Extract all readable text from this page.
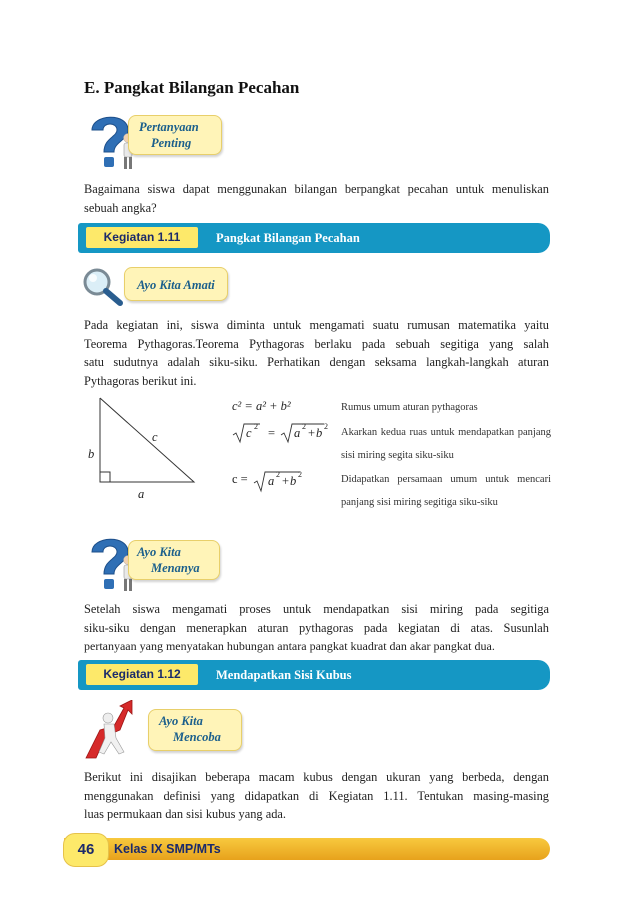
E. Pangkat Bilangan Pecahan
Pertanyaan
Penting
Bagaimana siswa dapat menggunakan bilangan berpangkat pecahan untuk menuliskan
sebuah angka?
Kegiatan 1.11	Pangkat Bilangan Pecahan
Ayo Kita Amati
Pada kegiatan ini, siswa diminta untuk mengamati suatu rumusan matematika yaitu
Teorema Pythagoras.Teorema Pythagoras berlaku pada sebuah segitiga yang salah
satu sudutnya adalah siku-siku. Perhatikan dengan seksama langkah-langkah aturan
Pythagoras berikut ini.
b
c
a
c² = a² + b²
c 2 = a 2 + b 2
c = a 2 + b 2
Rumus umum aturan pythagoras
Akarkan kedua ruas untuk mendapatkan panjang
sisi miring segita siku-siku
Didapatkan persamaan umum untuk mencari
panjang sisi miring segitiga siku-siku
Ayo Kita
Menanya
Setelah siswa mengamati proses untuk mendapatkan sisi miring pada segitiga
siku-siku dengan menerapkan aturan pythagoras pada kegiatan di atas. Susunlah
pertanyaan yang menyatakan hubungan antara pangkat kuadrat dan akar pangkat dua.
Kegiatan 1.12	Mendapatkan Sisi Kubus
Ayo Kita
Mencoba
Berikut ini disajikan beberapa macam kubus dengan ukuran yang berbeda, dengan
menggunakan definisi yang didapatkan di Kegiatan 1.11. Tentukan masing-masing
luas permukaan dan sisi kubus yang ada.
46	Kelas IX SMP/MTs
